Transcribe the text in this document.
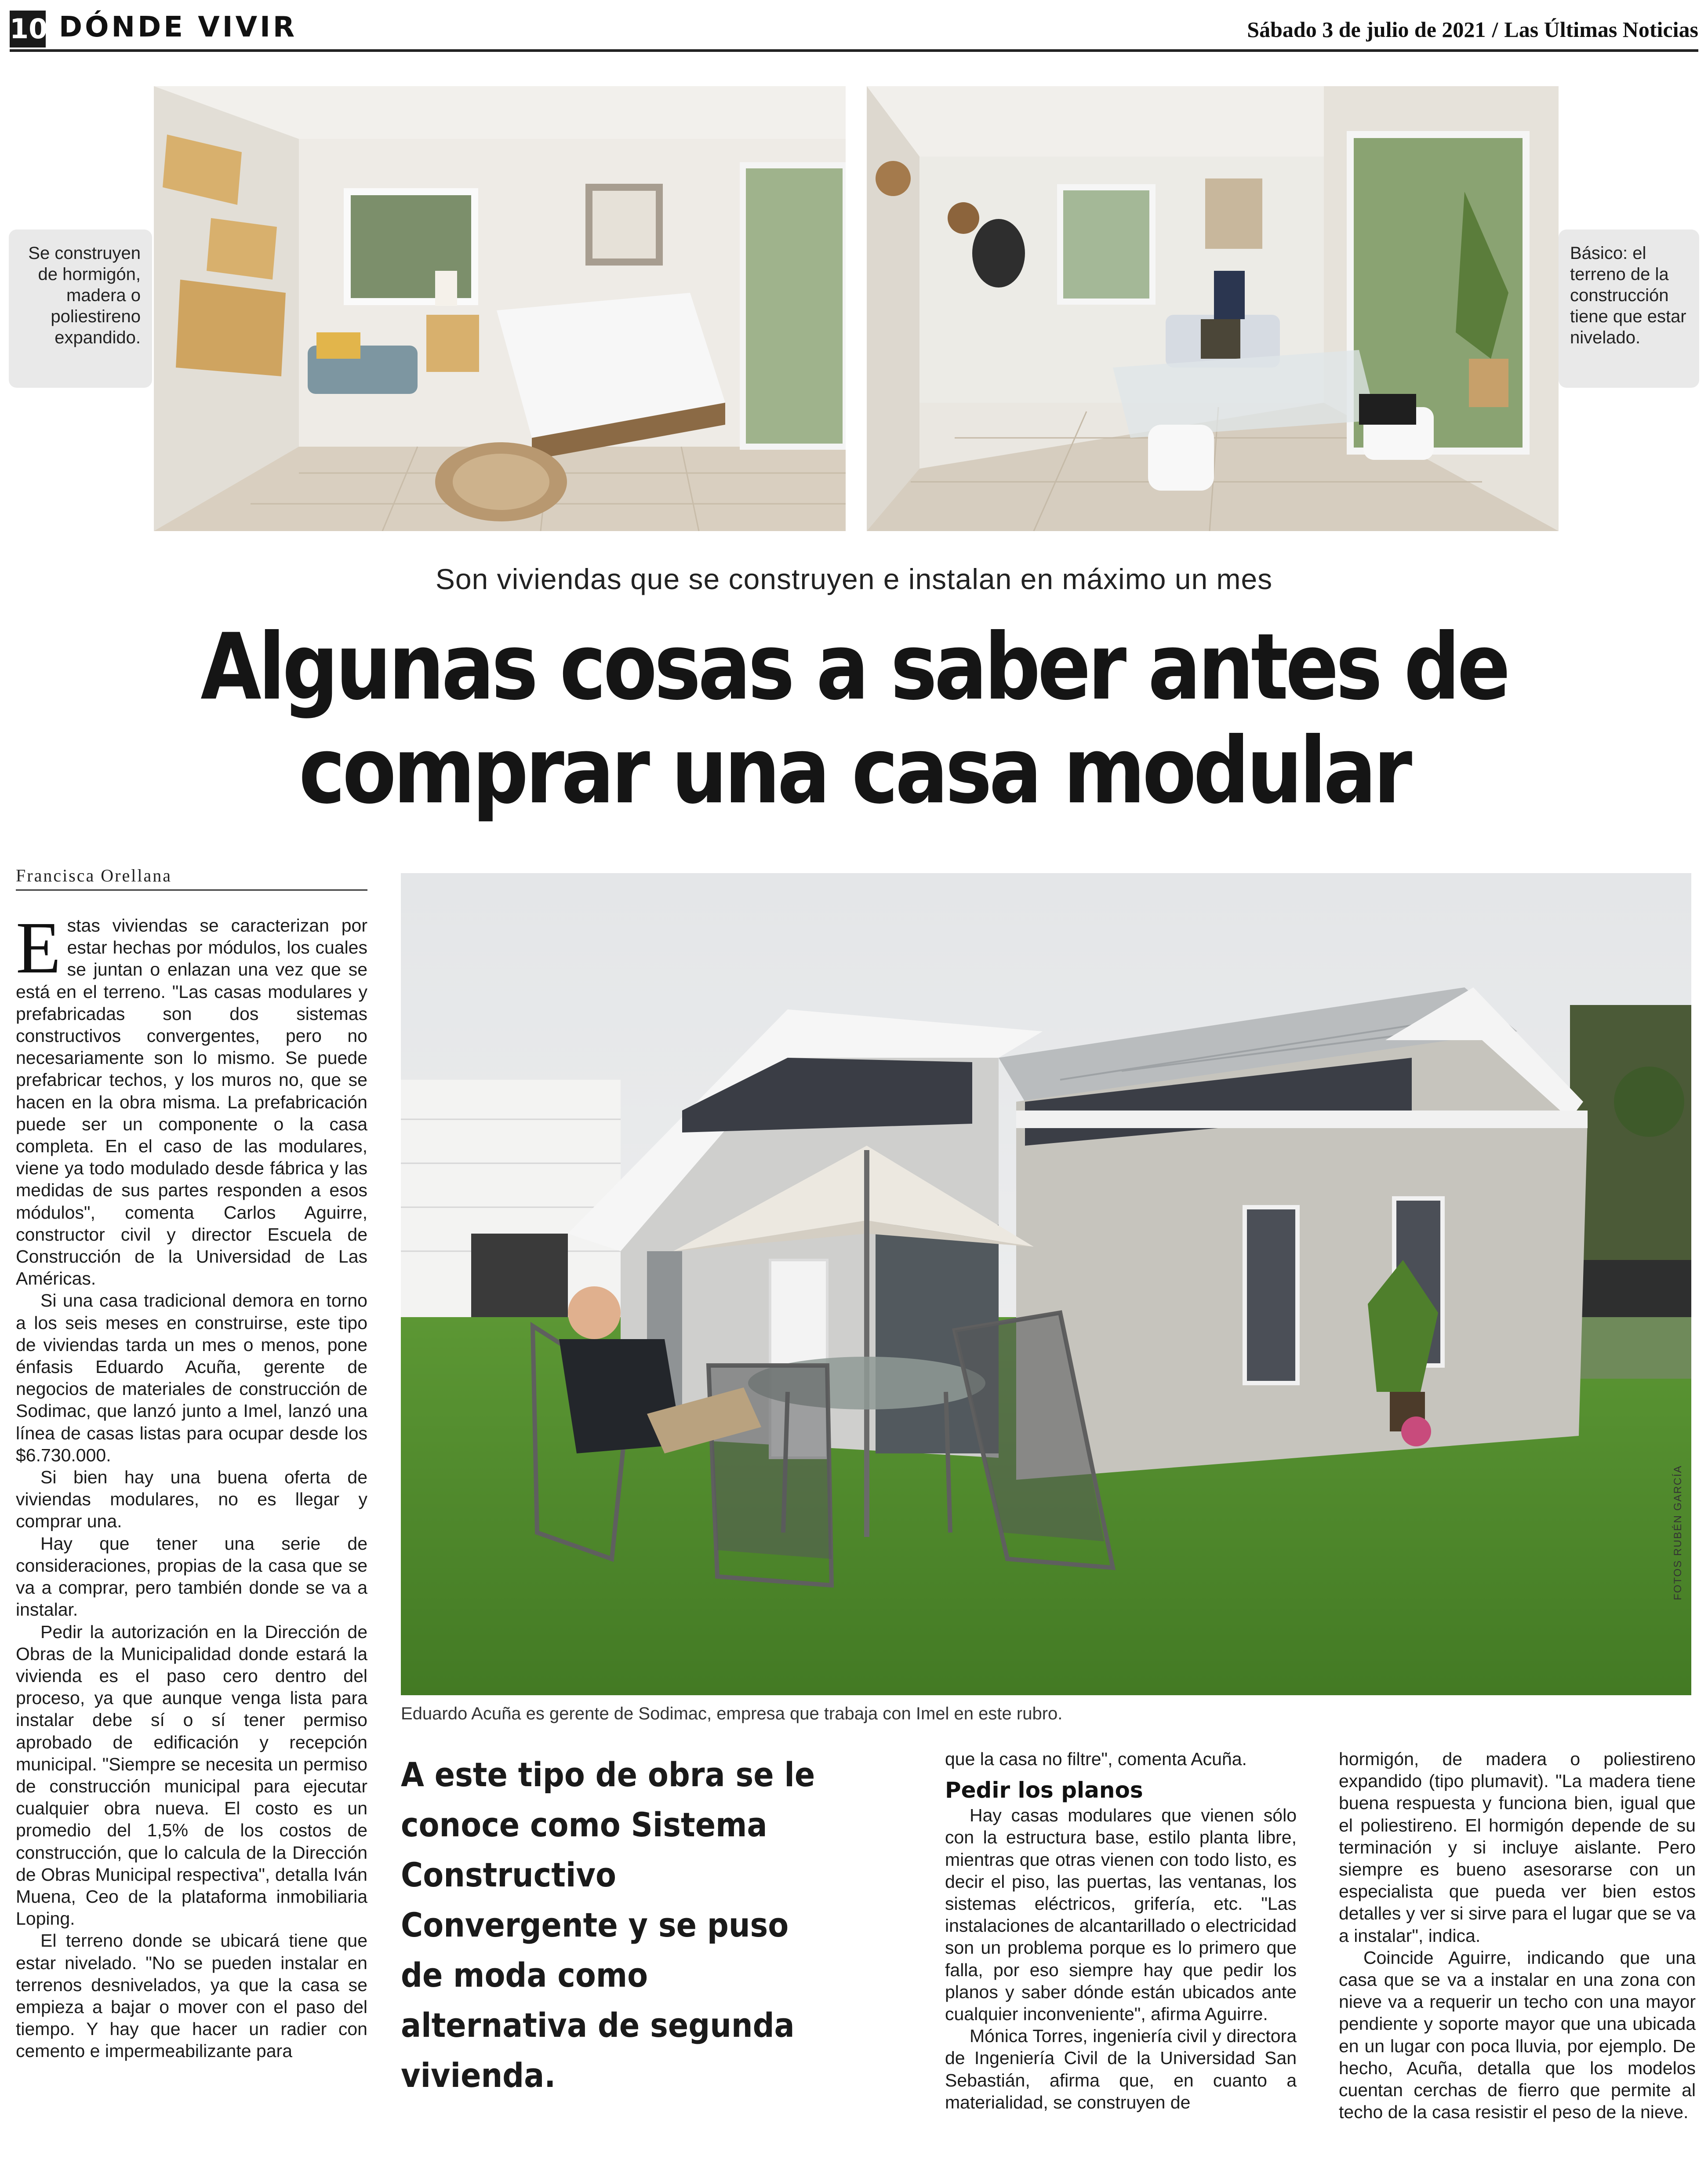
10 DÓNDE VIVIR	Sábado 3 de julio de 2021 / Las Últimas Noticias
Se construyen de hormigón, madera o poliestireno expandido.
Básico: el terreno de la construcción tiene que estar nivelado.
Son viviendas que se construyen e instalan en máximo un mes
Algunas cosas a saber antes de
comprar una casa modular
Francisca Orellana

Estas viviendas se caracterizan por estar hechas por módulos, los cuales se juntan o enlazan una vez que se está en el terreno. "Las casas modulares y prefabricadas son dos sistemas constructivos convergentes, pero no necesariamente son lo mismo. Se puede prefabricar techos, y los muros no, que se hacen en la obra misma. La prefabricación puede ser un componente o la casa completa. En el caso de las modulares, viene ya todo modulado desde fábrica y las medidas de sus partes responden a esos módulos", comenta Carlos Aguirre, constructor civil y director Escuela de Construcción de la Universidad de Las Américas.

Si una casa tradicional demora en torno a los seis meses en construirse, este tipo de viviendas tarda un mes o menos, pone énfasis Eduardo Acuña, gerente de negocios de materiales de construcción de Sodimac, que lanzó junto a Imel, lanzó una línea de casas listas para ocupar desde los $6.730.000.

Si bien hay una buena oferta de viviendas modulares, no es llegar y comprar una.

Hay que tener una serie de consideraciones, propias de la casa que se va a comprar, pero también donde se va a instalar.

Pedir la autorización en la Dirección de Obras de la Municipalidad donde estará la vivienda es el paso cero dentro del proceso, ya que aunque venga lista para instalar debe sí o sí tener permiso aprobado de edificación y recepción municipal. "Siempre se necesita un permiso de construcción municipal para ejecutar cualquier obra nueva. El costo es un promedio del 1,5% de los costos de construcción, que lo calcula de la Dirección de Obras Municipal respectiva", detalla Iván Muena, Ceo de la plataforma inmobiliaria Loping.

El terreno donde se ubicará tiene que estar nivelado. "No se pueden instalar en terrenos desnivelados, ya que la casa se empieza a bajar o mover con el paso del tiempo. Y hay que hacer un radier con cemento e impermeabilizante para

FOTOS RUBÉN GARCÍA
Eduardo Acuña es gerente de Sodimac, empresa que trabaja con Imel en este rubro.
A este tipo de obra se le conoce como Sistema Constructivo Convergente y se puso de moda como alternativa de segunda vivienda.

que la casa no filtre", comenta Acuña.

Pedir los planos

Hay casas modulares que vienen sólo con la estructura base, estilo planta libre, mientras que otras vienen con todo listo, es decir el piso, las puertas, las ventanas, los sistemas eléctricos, grifería, etc. "Las instalaciones de alcantarillado o electricidad son un problema porque es lo primero que falla, por eso siempre hay que pedir los planos y saber dónde están ubicados ante cualquier inconveniente", afirma Aguirre.

Mónica Torres, ingeniería civil y directora de Ingeniería Civil de la Universidad San Sebastián, afirma que, en cuanto a materialidad, se construyen de

hormigón, de madera o poliestireno expandido (tipo plumavit). "La madera tiene buena respuesta y funciona bien, igual que el poliestireno. El hormigón depende de su terminación y si incluye aislante. Pero siempre es bueno asesorarse con un especialista que pueda ver bien estos detalles y ver si sirve para el lugar que se va a instalar", indica.

Coincide Aguirre, indicando que una casa que se va a instalar en una zona con nieve va a requerir un techo con una mayor pendiente y soporte mayor que una ubicada en un lugar con poca lluvia, por ejemplo. De hecho, Acuña, detalla que los modelos cuentan cerchas de fierro que permite al techo de la casa resistir el peso de la nieve.
